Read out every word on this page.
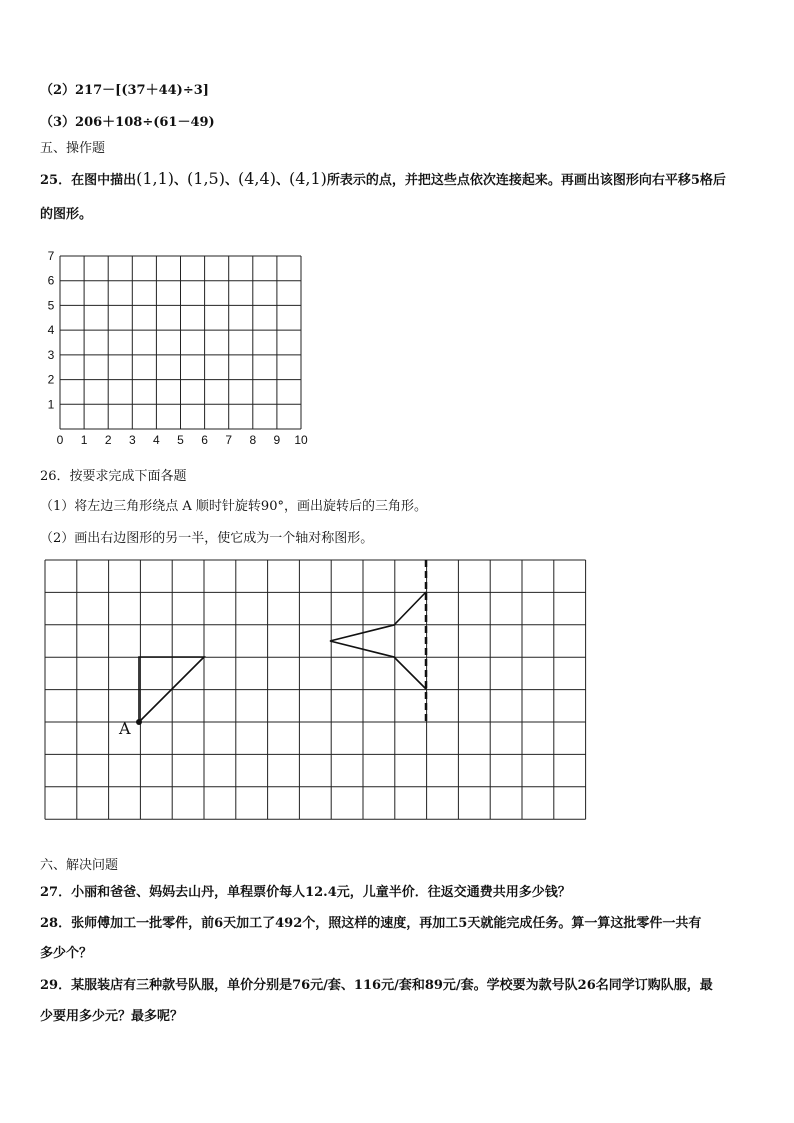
（2）217－[(37＋44)÷3]
（3）206＋108÷(61－49)
五、操作题
25．在图中描出(1,1)、(1,5)、(4,4)、(4,1)所表示的点，并把这些点依次连接起来。再画出该图形向右平移5格后
的图形。
0 1 2 3 4 5 6 7 8 9 10
1
2
3
4
5
6
7
26．按要求完成下面各题
（1）将左边三角形绕点 A 顺时针旋转90°，画出旋转后的三角形。
（2）画出右边图形的另一半，使它成为一个轴对称图形。
A
六、解决问题
27．小丽和爸爸、妈妈去山丹，单程票价每人12.4元，儿童半价．往返交通费共用多少钱？
28．张师傅加工一批零件，前6天加工了492个，照这样的速度，再加工5天就能完成任务。算一算这批零件一共有
多少个？
29．某服装店有三种款号队服，单价分别是76元/套、116元/套和89元/套。学校要为款号队26名同学订购队服，最
少要用多少元？最多呢？
